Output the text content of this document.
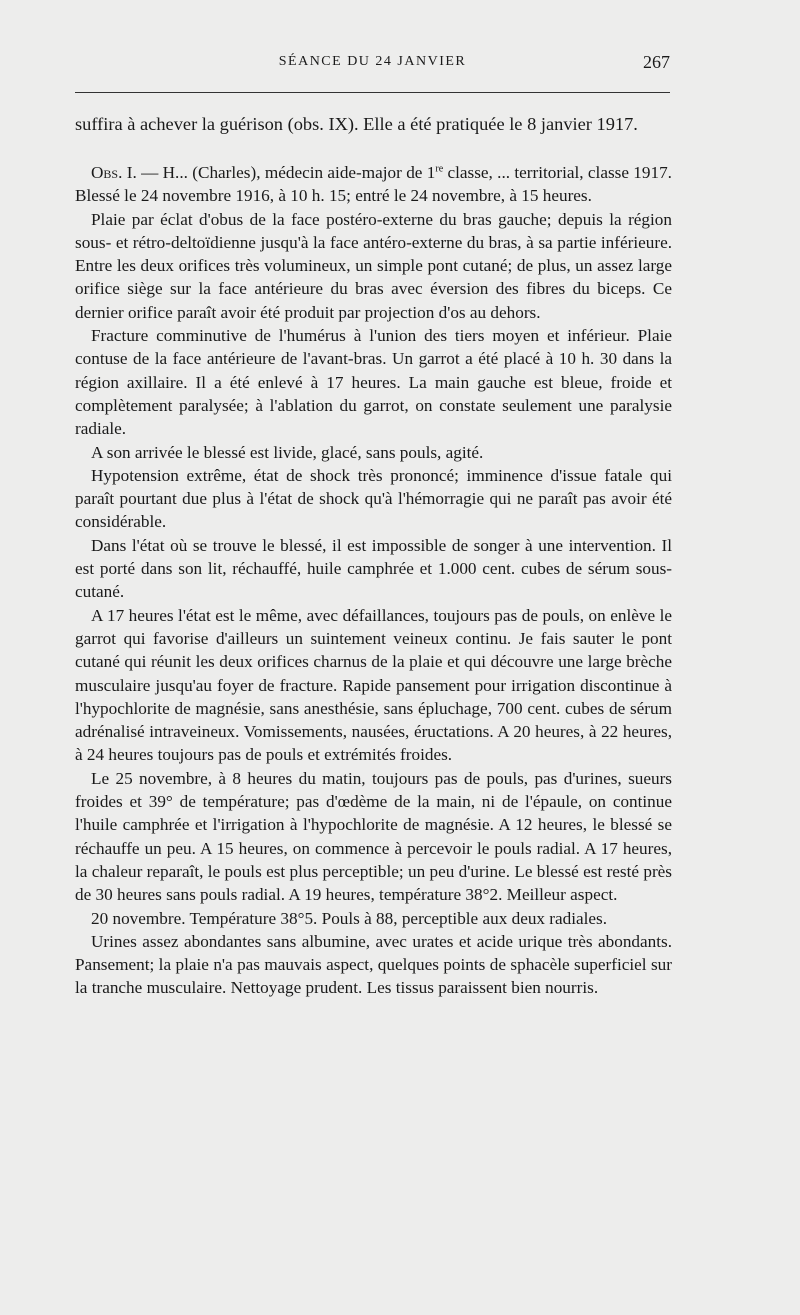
SÉANCE DU 24 JANVIER	267

suffira à achever la guérison (obs. IX). Elle a été pratiquée le 8 janvier 1917.

Obs. I. — H... (Charles), médecin aide-major de 1re classe, ... territorial, classe 1917. Blessé le 24 novembre 1916, à 10 h. 15; entré le 24 novembre, à 15 heures.

Plaie par éclat d'obus de la face postéro-externe du bras gauche; depuis la région sous- et rétro-deltoïdienne jusqu'à la face antéro-externe du bras, à sa partie inférieure. Entre les deux orifices très volumineux, un simple pont cutané; de plus, un assez large orifice siège sur la face antérieure du bras avec éversion des fibres du biceps. Ce dernier orifice paraît avoir été produit par projection d'os au dehors.

Fracture comminutive de l'humérus à l'union des tiers moyen et inférieur. Plaie contuse de la face antérieure de l'avant-bras. Un garrot a été placé à 10 h. 30 dans la région axillaire. Il a été enlevé à 17 heures. La main gauche est bleue, froide et complètement paralysée; à l'ablation du garrot, on constate seulement une paralysie radiale.

A son arrivée le blessé est livide, glacé, sans pouls, agité.

Hypotension extrême, état de shock très prononcé; imminence d'issue fatale qui paraît pourtant due plus à l'état de shock qu'à l'hémorragie qui ne paraît pas avoir été considérable.

Dans l'état où se trouve le blessé, il est impossible de songer à une intervention. Il est porté dans son lit, réchauffé, huile camphrée et 1.000 cent. cubes de sérum sous-cutané.

A 17 heures l'état est le même, avec défaillances, toujours pas de pouls, on enlève le garrot qui favorise d'ailleurs un suintement veineux continu. Je fais sauter le pont cutané qui réunit les deux orifices charnus de la plaie et qui découvre une large brèche musculaire jusqu'au foyer de fracture. Rapide pansement pour irrigation discontinue à l'hypochlorite de magnésie, sans anesthésie, sans épluchage, 700 cent. cubes de sérum adrénalisé intraveineux. Vomissements, nausées, éructations. A 20 heures, à 22 heures, à 24 heures toujours pas de pouls et extrémités froides.

Le 25 novembre, à 8 heures du matin, toujours pas de pouls, pas d'urines, sueurs froides et 39° de température; pas d'œdème de la main, ni de l'épaule, on continue l'huile camphrée et l'irrigation à l'hypochlorite de magnésie. A 12 heures, le blessé se réchauffe un peu. A 15 heures, on commence à percevoir le pouls radial. A 17 heures, la chaleur reparaît, le pouls est plus perceptible; un peu d'urine. Le blessé est resté près de 30 heures sans pouls radial. A 19 heures, température 38°2. Meilleur aspect.

20 novembre. Température 38°5. Pouls à 88, perceptible aux deux radiales.

Urines assez abondantes sans albumine, avec urates et acide urique très abondants. Pansement; la plaie n'a pas mauvais aspect, quelques points de sphacèle superficiel sur la tranche musculaire. Nettoyage prudent. Les tissus paraissent bien nourris.
